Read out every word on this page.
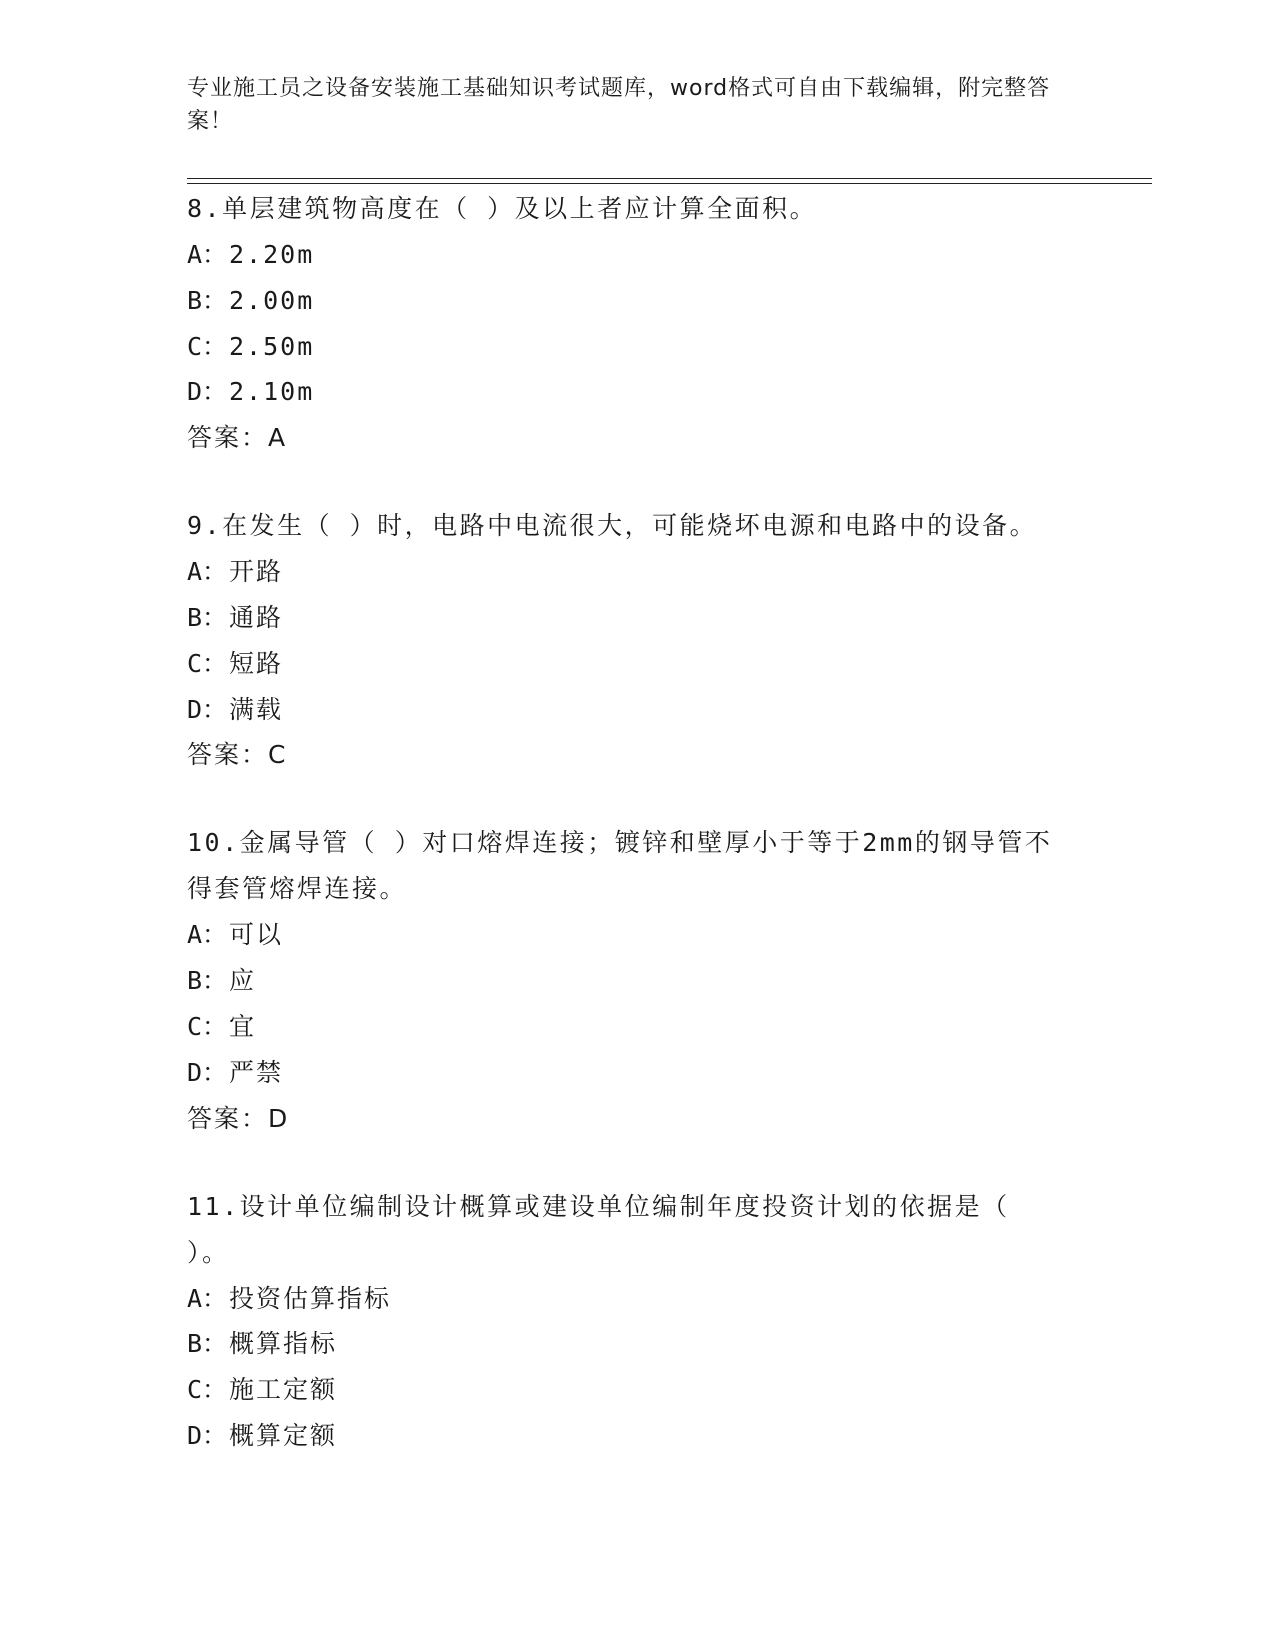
专业施工员之设备安装施工基础知识考试题库，word格式可自由下载编辑，附完整答案！

8.单层建筑物高度在（ ）及以上者应计算全面积。

A：2.20m
B：2.00m
C：2.50m
D：2.10m
答案：A

9.在发生（ ）时，电路中电流很大，可能烧坏电源和电路中的设备。

A：开路
B：通路
C：短路
D：满载
答案：C

10.金属导管（ ）对口熔焊连接；镀锌和壁厚小于等于2mm的钢导管不得套管熔焊连接。

A：可以
B：应
C：宜
D：严禁
答案：D

11.设计单位编制设计概算或建设单位编制年度投资计划的依据是（ ）。

A：投资估算指标
B：概算指标
C：施工定额
D：概算定额
